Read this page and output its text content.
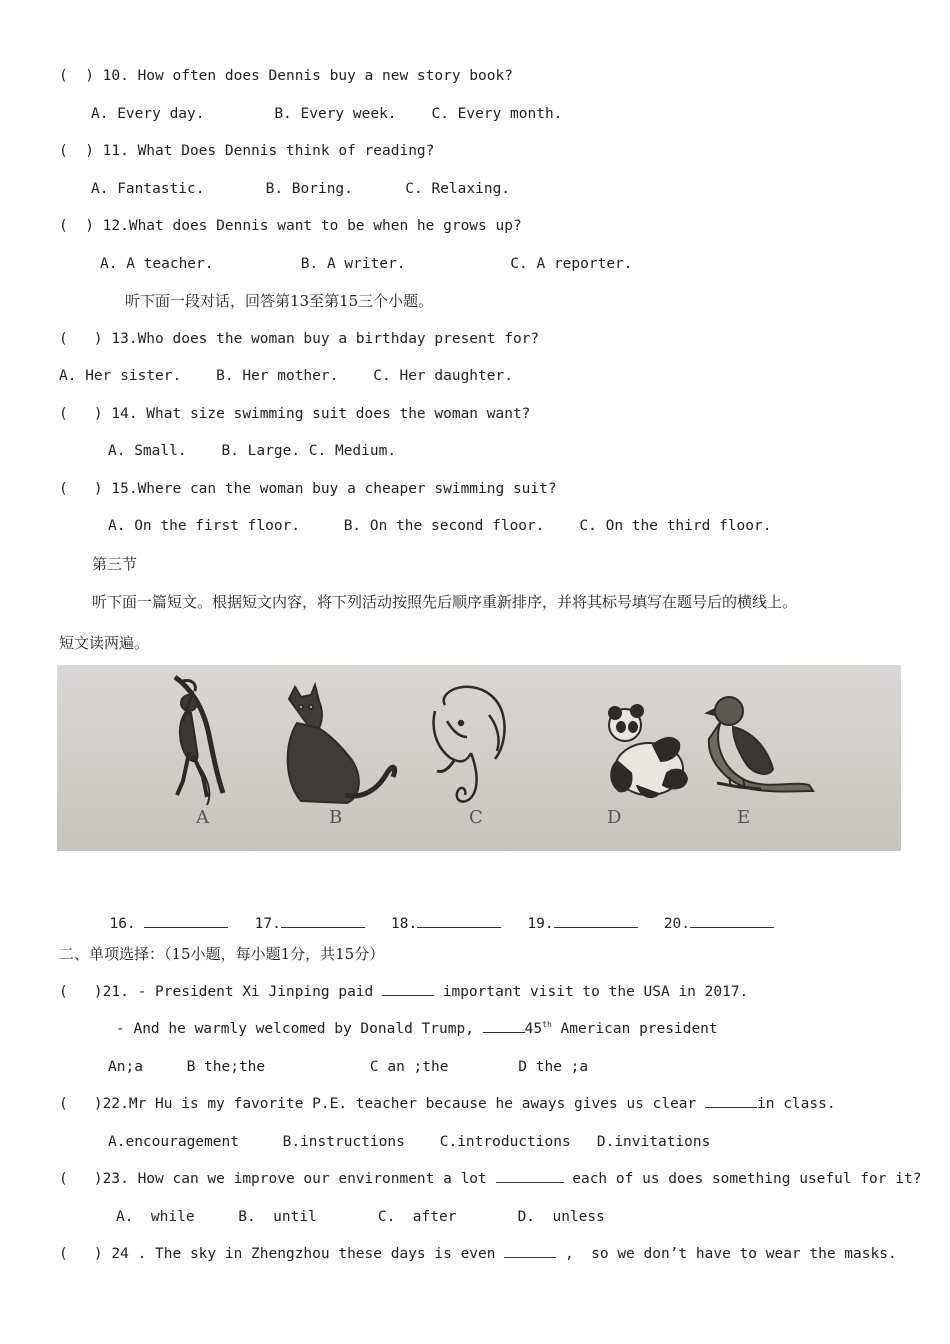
(  ) 10. How often does Dennis buy a new story book?
A. Every day.        B. Every week.    C. Every month.
(  ) 11. What Does Dennis think of reading?
A. Fantastic.       B. Boring.      C. Relaxing.
(  ) 12.What does Dennis want to be when he grows up?
A. A teacher.          B. A writer.            C. A reporter.
听下面一段对话，回答第13至第15三个小题。
(   ) 13.Who does the woman buy a birthday present for?
A. Her sister.    B. Her mother.    C. Her daughter.
(   ) 14. What size swimming suit does the woman want?
A. Small.    B. Large. C. Medium.
(   ) 15.Where can the woman buy a cheaper swimming suit?
A. On the first floor.     B. On the second floor.    C. On the third floor.
第三节
听下面一篇短文。根据短文内容，将下列活动按照先后顺序重新排序，并将其标号填写在题号后的横线上。
短文读两遍。
A	B	C	D	E

16.	17.	18.	19.	20.

二、单项选择：（15小题，每小题1分，共15分）
(   )21. - President Xi Jinping paid	important visit to the USA in 2017.
- And he warmly welcomed by Donald Trump,	45th American president
An;a     B the;the            C an ;the        D the ;a
(   )22.Mr Hu is my favorite P.E. teacher because he aways gives us clear	in class.
A.encouragement     B.instructions    C.introductions   D.invitations
(   )23. How can we improve our environment a lot	each of us does something useful for it?
A.  while     B.  until       C.  after       D.  unless
(   ) 24 . The sky in Zhengzhou these days is even	,  so we don’t have to wear the masks.
